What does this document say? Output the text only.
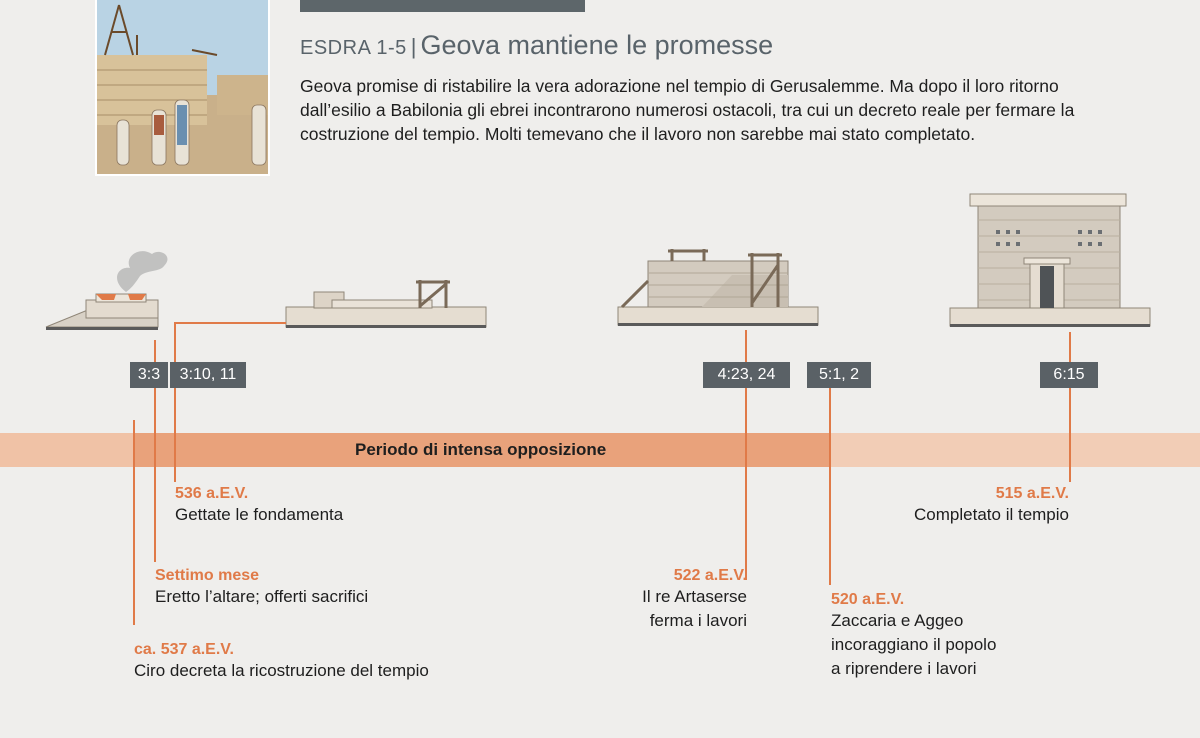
ESDRA 1-5 | Geova mantiene le promesse
Geova promise di ristabilire la vera adorazione nel tempio di Gerusalemme. Ma dopo il loro ritorno dall’esilio a Babilonia gli ebrei incontrarono numerosi ostacoli, tra cui un decreto reale per fermare la costruzione del tempio. Molti temevano che il lavoro non sarebbe mai stato completato.
Periodo di intensa opposizione
3:3	3:10, 11	4:23, 24	5:1, 2	6:15
536 a.E.V.
Gettate le fondamenta
Settimo mese
Eretto l’altare; offerti sacrifici
ca. 537 a.E.V.
Ciro decreta la ricostruzione del tempio
522 a.E.V.
Il re Artaserse
ferma i lavori
520 a.E.V.
Zaccaria e Aggeo
incoraggiano il popolo
a riprendere i lavori
515 a.E.V.
Completato il tempio
